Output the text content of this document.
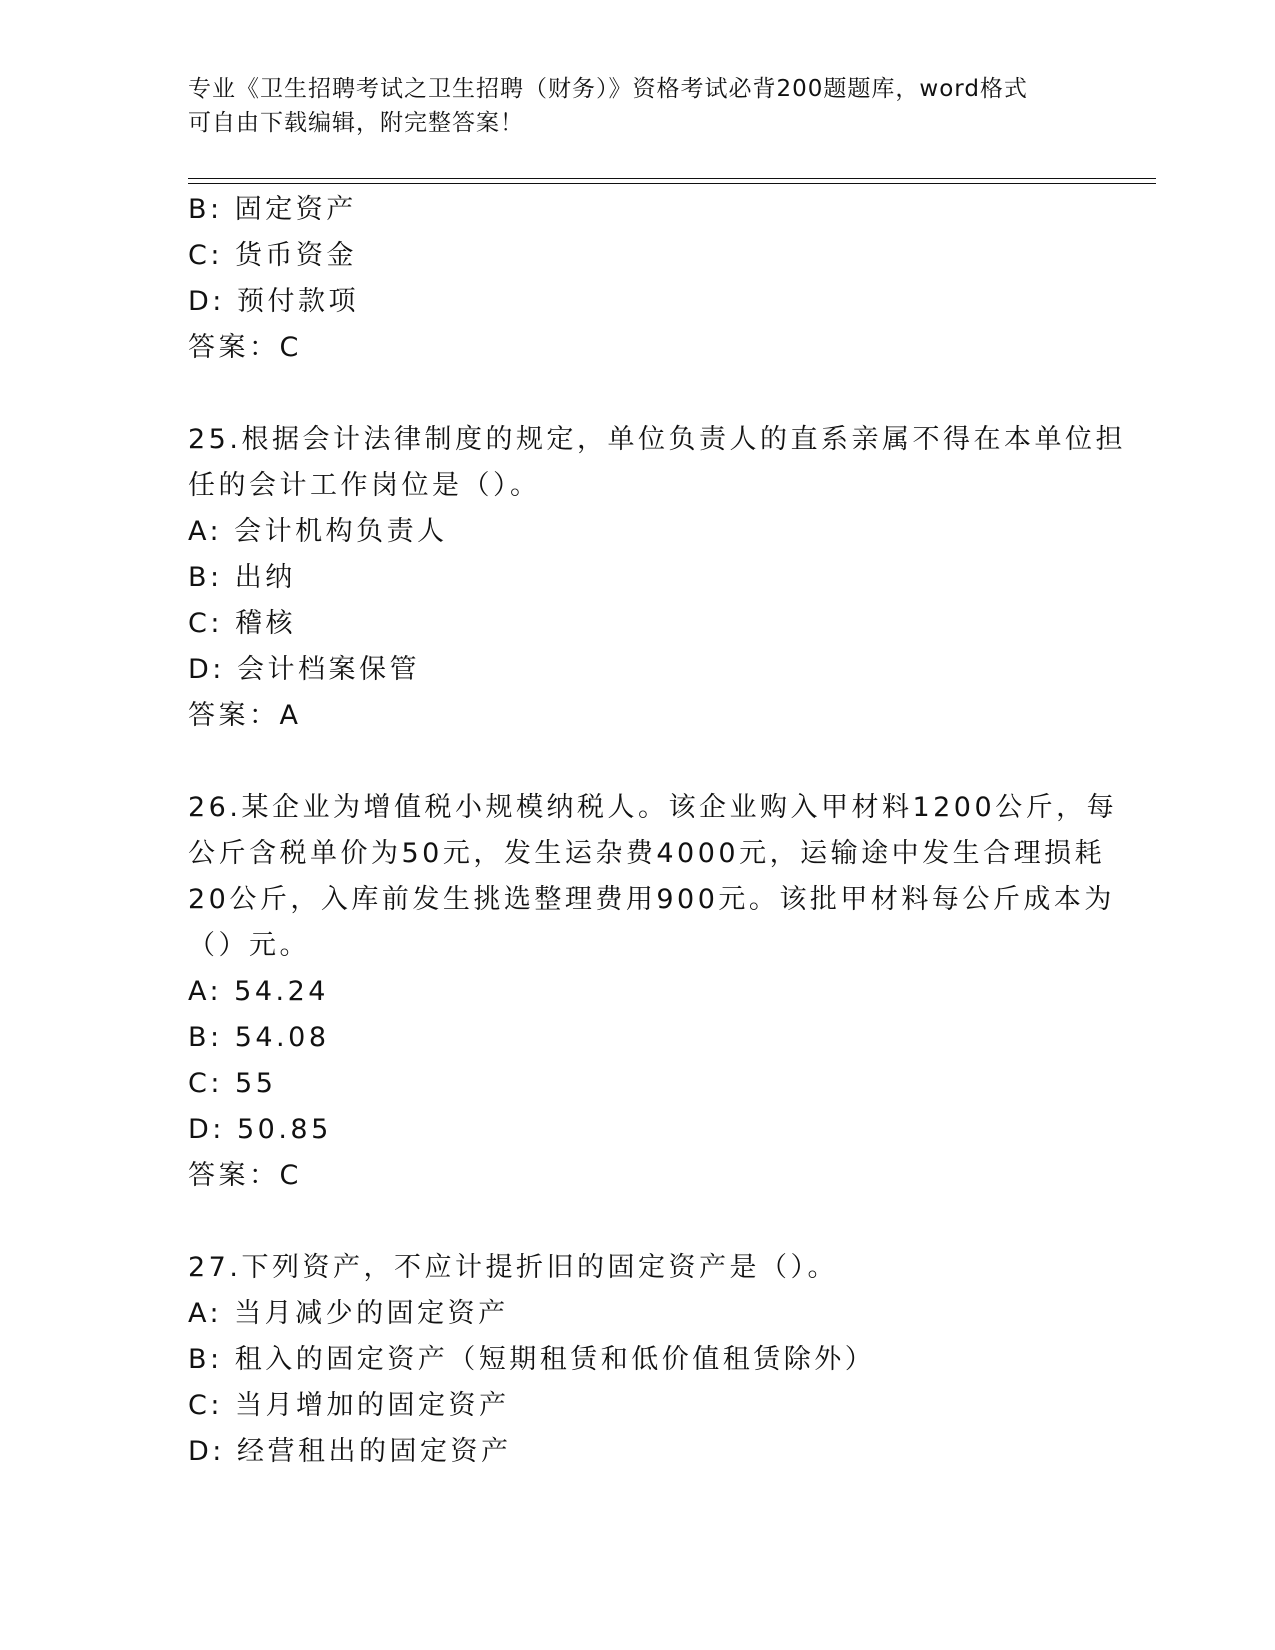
专业《卫生招聘考试之卫生招聘（财务）》资格考试必背200题题库，word格式
可自由下载编辑，附完整答案！
B: 固定资产
C: 货币资金
D: 预付款项
答案：C
25.根据会计法律制度的规定，单位负责人的直系亲属不得在本单位担
任的会计工作岗位是（）。
A: 会计机构负责人
B: 出纳
C: 稽核
D: 会计档案保管
答案：A
26.某企业为增值税小规模纳税人。该企业购入甲材料1200公斤，每
公斤含税单价为50元，发生运杂费4000元，运输途中发生合理损耗
20公斤，入库前发生挑选整理费用900元。该批甲材料每公斤成本为
（）元。
A: 54.24
B: 54.08
C: 55
D: 50.85
答案：C
27.下列资产，不应计提折旧的固定资产是（）。
A: 当月减少的固定资产
B: 租入的固定资产（短期租赁和低价值租赁除外）
C: 当月增加的固定资产
D: 经营租出的固定资产
